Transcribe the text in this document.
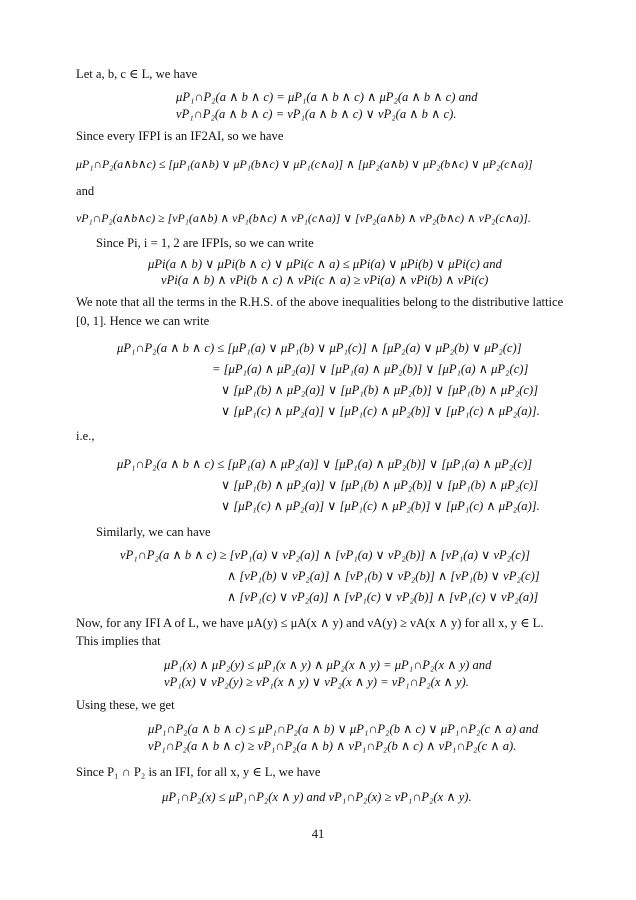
Let a, b, c ∈ L, we have
μP₁∩P₂(a ∧ b ∧ c) = μP₁(a ∧ b ∧ c) ∧ μP₂(a ∧ b ∧ c) and
νP₁∩P₂(a ∧ b ∧ c) = νP₁(a ∧ b ∧ c) ∨ νP₂(a ∧ b ∧ c).
Since every IFPI is an IF2AI, so we have
μP₁∩P₂(a∧b∧c) ≤ [μP₁(a∧b) ∨ μP₁(b∧c) ∨ μP₁(c∧a)] ∧ [μP₂(a∧b) ∨ μP₂(b∧c) ∨ μP₂(c∧a)]
and
νP₁∩P₂(a∧b∧c) ≥ [νP₁(a∧b) ∧ νP₁(b∧c) ∧ νP₁(c∧a)] ∨ [νP₂(a∧b) ∧ νP₂(b∧c) ∧ νP₂(c∧a)].
Since Pi, i = 1, 2 are IFPIs, so we can write
μPi(a ∧ b) ∨ μPi(b ∧ c) ∨ μPi(c ∧ a) ≤ μPi(a) ∨ μPi(b) ∨ μPi(c) and
νPi(a ∧ b) ∧ νPi(b ∧ c) ∧ νPi(c ∧ a) ≥ νPi(a) ∧ νPi(b) ∧ νPi(c)
We note that all the terms in the R.H.S. of the above inequalities belong to the distributive lattice
[0, 1]. Hence we can write
μP₁∩P₂(a ∧ b ∧ c) ≤ [μP₁(a) ∨ μP₁(b) ∨ μP₁(c)] ∧ [μP₂(a) ∨ μP₂(b) ∨ μP₂(c)]
= [μP₁(a) ∧ μP₂(a)] ∨ [μP₁(a) ∧ μP₂(b)] ∨ [μP₁(a) ∧ μP₂(c)]
∨ [μP₁(b) ∧ μP₂(a)] ∨ [μP₁(b) ∧ μP₂(b)] ∨ [μP₁(b) ∧ μP₂(c)]
∨ [μP₁(c) ∧ μP₂(a)] ∨ [μP₁(c) ∧ μP₂(b)] ∨ [μP₁(c) ∧ μP₂(a)].
i.e.,
μP₁∩P₂(a ∧ b ∧ c) ≤ [μP₁(a) ∧ μP₂(a)] ∨ [μP₁(a) ∧ μP₂(b)] ∨ [μP₁(a) ∧ μP₂(c)]
∨ [μP₁(b) ∧ μP₂(a)] ∨ [μP₁(b) ∧ μP₂(b)] ∨ [μP₁(b) ∧ μP₂(c)]
∨ [μP₁(c) ∧ μP₂(a)] ∨ [μP₁(c) ∧ μP₂(b)] ∨ [μP₁(c) ∧ μP₂(a)].
Similarly, we can have
νP₁∩P₂(a ∧ b ∧ c) ≥ [νP₁(a) ∨ νP₂(a)] ∧ [νP₁(a) ∨ νP₂(b)] ∧ [νP₁(a) ∨ νP₂(c)]
∧ [νP₁(b) ∨ νP₂(a)] ∧ [νP₁(b) ∨ νP₂(b)] ∧ [νP₁(b) ∨ νP₂(c)]
∧ [νP₁(c) ∨ νP₂(a)] ∧ [νP₁(c) ∨ νP₂(b)] ∧ [νP₁(c) ∨ νP₂(a)]
Now, for any IFI A of L, we have μA(y) ≤ μA(x ∧ y) and νA(y) ≥ νA(x ∧ y) for all x, y ∈ L.
This implies that
μP₁(x) ∧ μP₂(y) ≤ μP₁(x ∧ y) ∧ μP₂(x ∧ y) = μP₁∩P₂(x ∧ y) and
νP₁(x) ∨ νP₂(y) ≥ νP₁(x ∧ y) ∨ νP₂(x ∧ y) = νP₁∩P₂(x ∧ y).
Using these, we get
μP₁∩P₂(a ∧ b ∧ c) ≤ μP₁∩P₂(a ∧ b) ∨ μP₁∩P₂(b ∧ c) ∨ μP₁∩P₂(c ∧ a) and
νP₁∩P₂(a ∧ b ∧ c) ≥ νP₁∩P₂(a ∧ b) ∧ νP₁∩P₂(b ∧ c) ∧ νP₁∩P₂(c ∧ a).
Since P₁ ∩ P₂ is an IFI, for all x, y ∈ L, we have
μP₁∩P₂(x) ≤ μP₁∩P₂(x ∧ y) and νP₁∩P₂(x) ≥ νP₁∩P₂(x ∧ y).
41
